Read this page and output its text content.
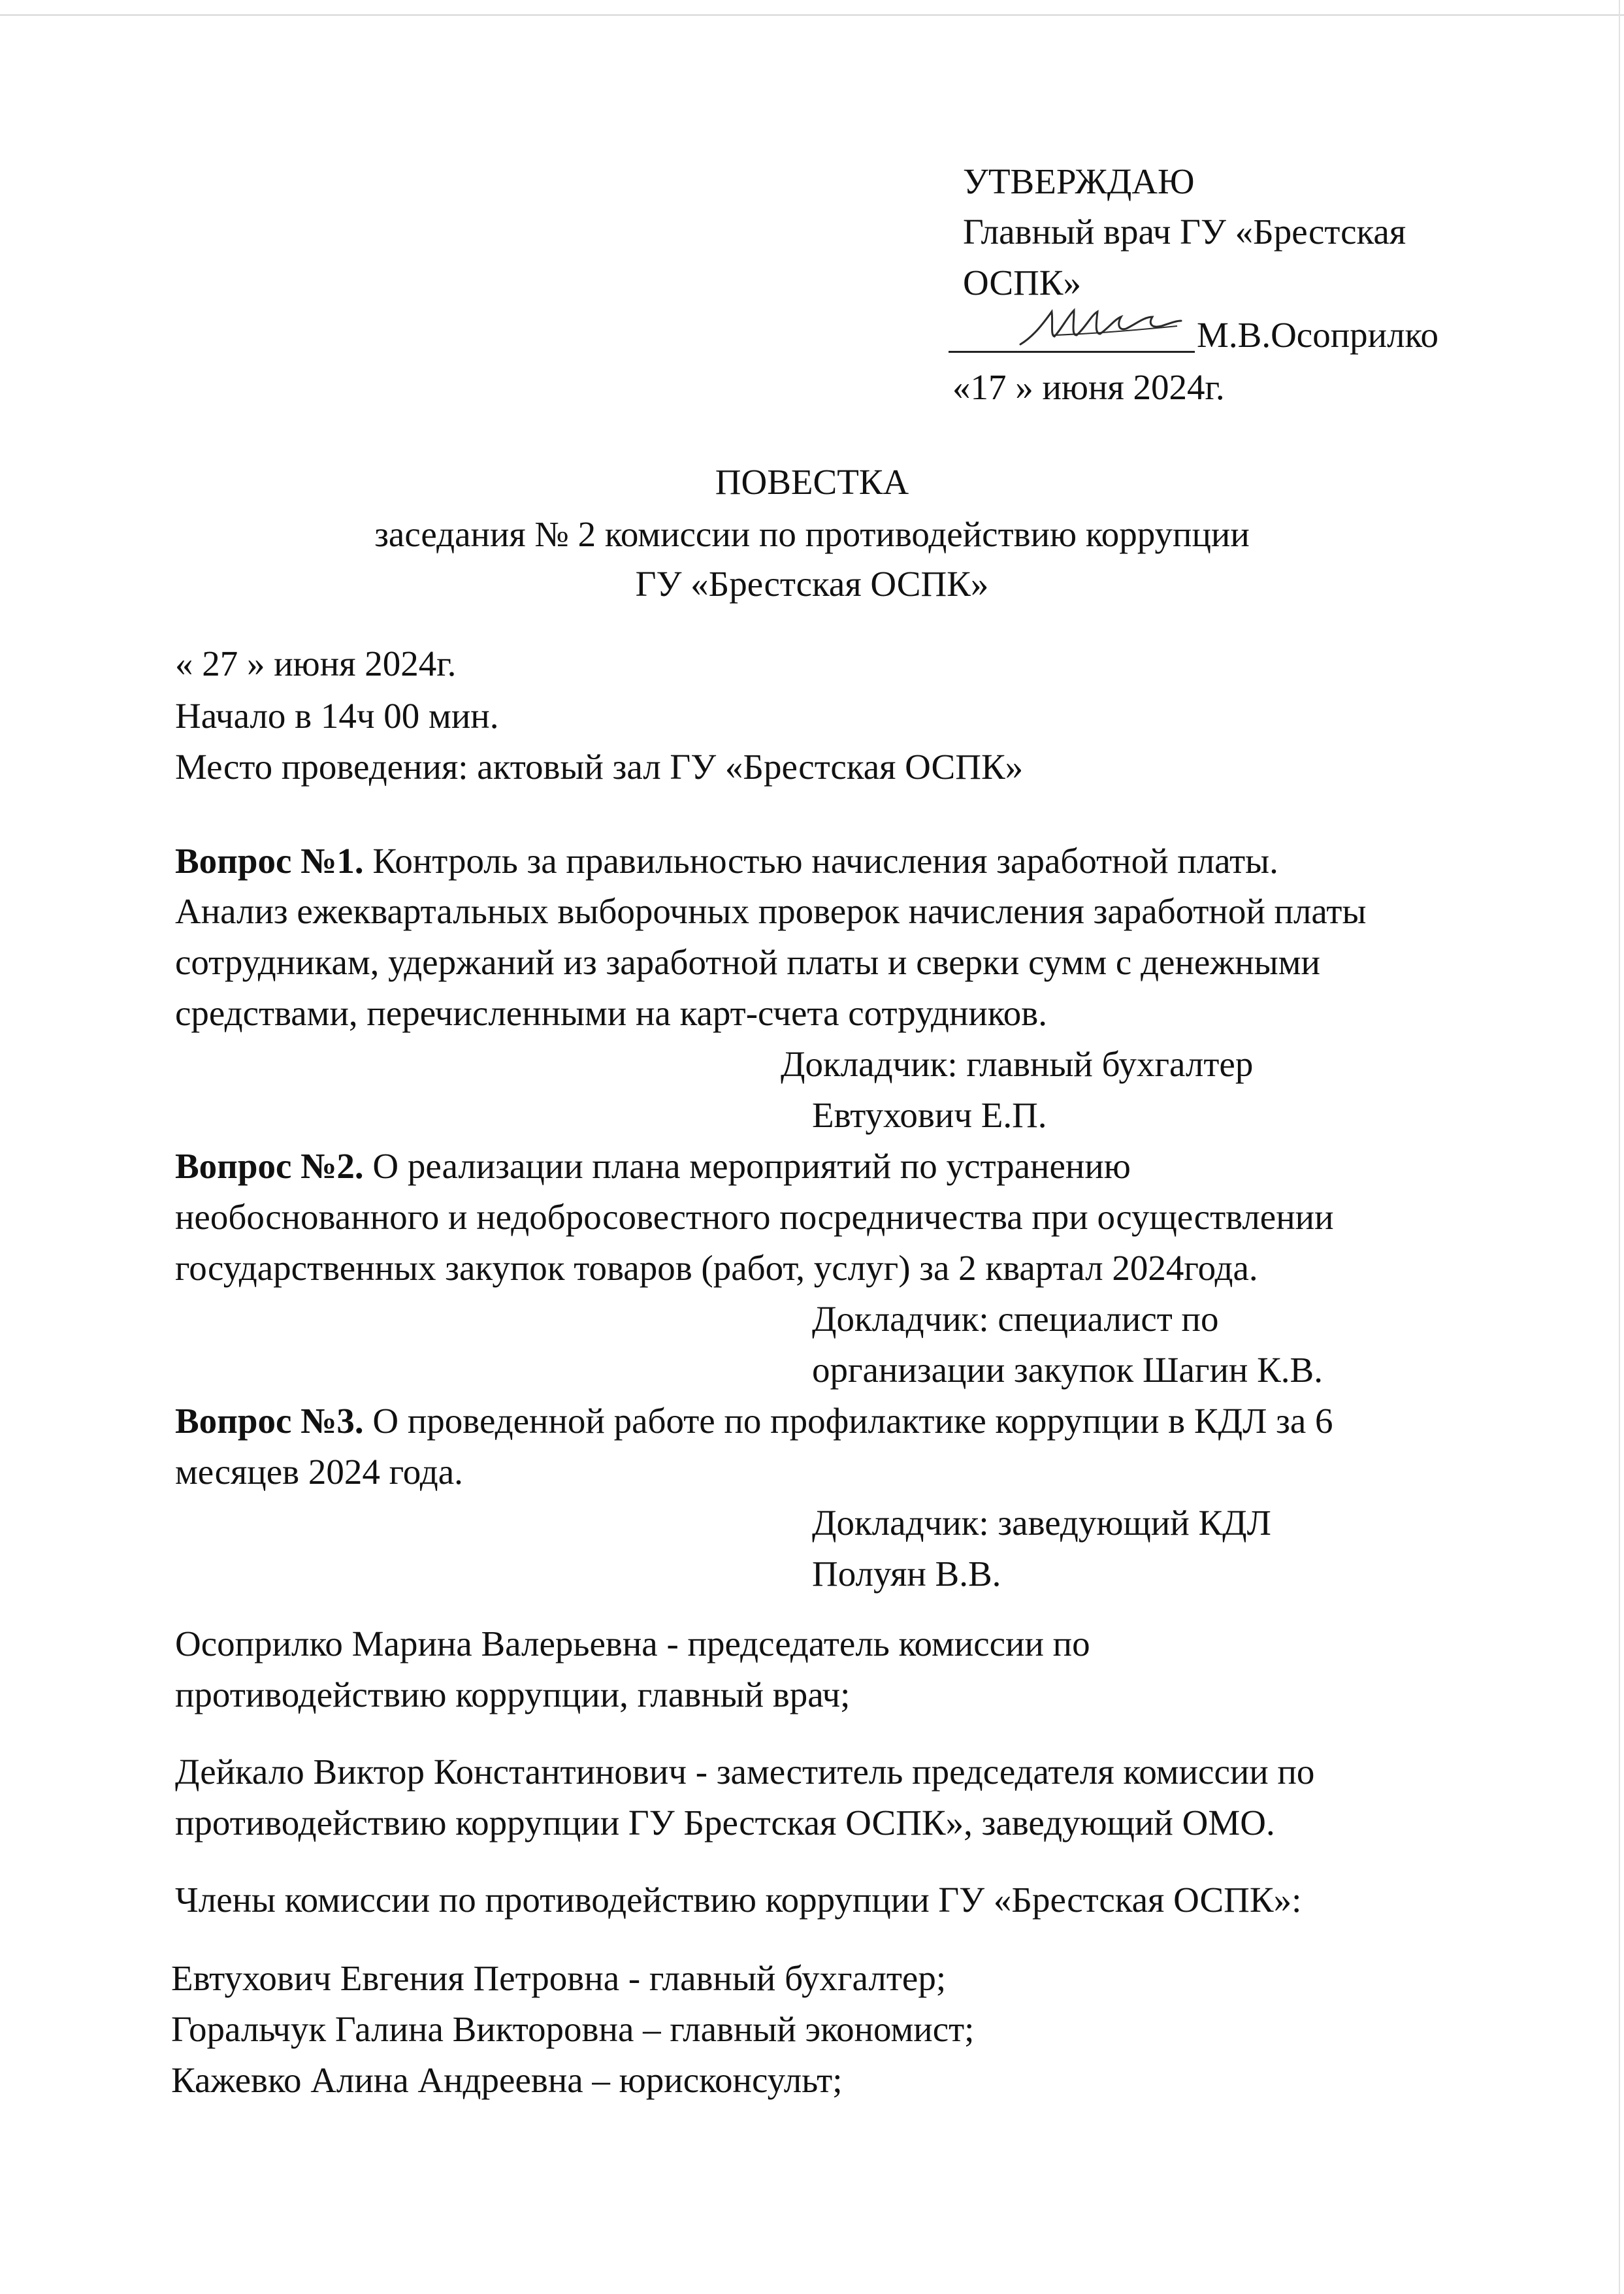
УТВЕРЖДАЮ
Главный врач ГУ «Брестская
ОСПК»
М.В.Осоприлко
«17 » июня 2024г.
ПОВЕСТКА
заседания № 2 комиссии по противодействию коррупции
ГУ «Брестская ОСПК»
« 27 » июня 2024г.
Начало в 14ч 00 мин.
Место проведения: актовый зал ГУ «Брестская ОСПК»
Вопрос №1. Контроль за правильностью начисления заработной платы.
Анализ ежеквартальных выборочных проверок начисления заработной платы
сотрудникам, удержаний из заработной платы и сверки сумм с денежными
средствами, перечисленными на карт-счета сотрудников.
Докладчик: главный бухгалтер
Евтухович Е.П.
Вопрос №2. О реализации плана мероприятий по устранению
необоснованного и недобросовестного посредничества при осуществлении
государственных закупок товаров (работ, услуг) за 2 квартал 2024года.
Докладчик: специалист по
организации закупок Шагин К.В.
Вопрос №3. О проведенной работе по профилактике коррупции в КДЛ за 6
месяцев 2024 года.
Докладчик: заведующий КДЛ
Полуян В.В.
Осоприлко Марина Валерьевна - председатель комиссии по
противодействию коррупции, главный врач;
Дейкало Виктор Константинович - заместитель председателя комиссии по
противодействию коррупции ГУ Брестская ОСПК», заведующий ОМО.
Члены комиссии по противодействию коррупции ГУ «Брестская ОСПК»:
Евтухович Евгения Петровна - главный бухгалтер;
Горальчук Галина Викторовна – главный экономист;
Кажевко Алина Андреевна – юрисконсульт;
